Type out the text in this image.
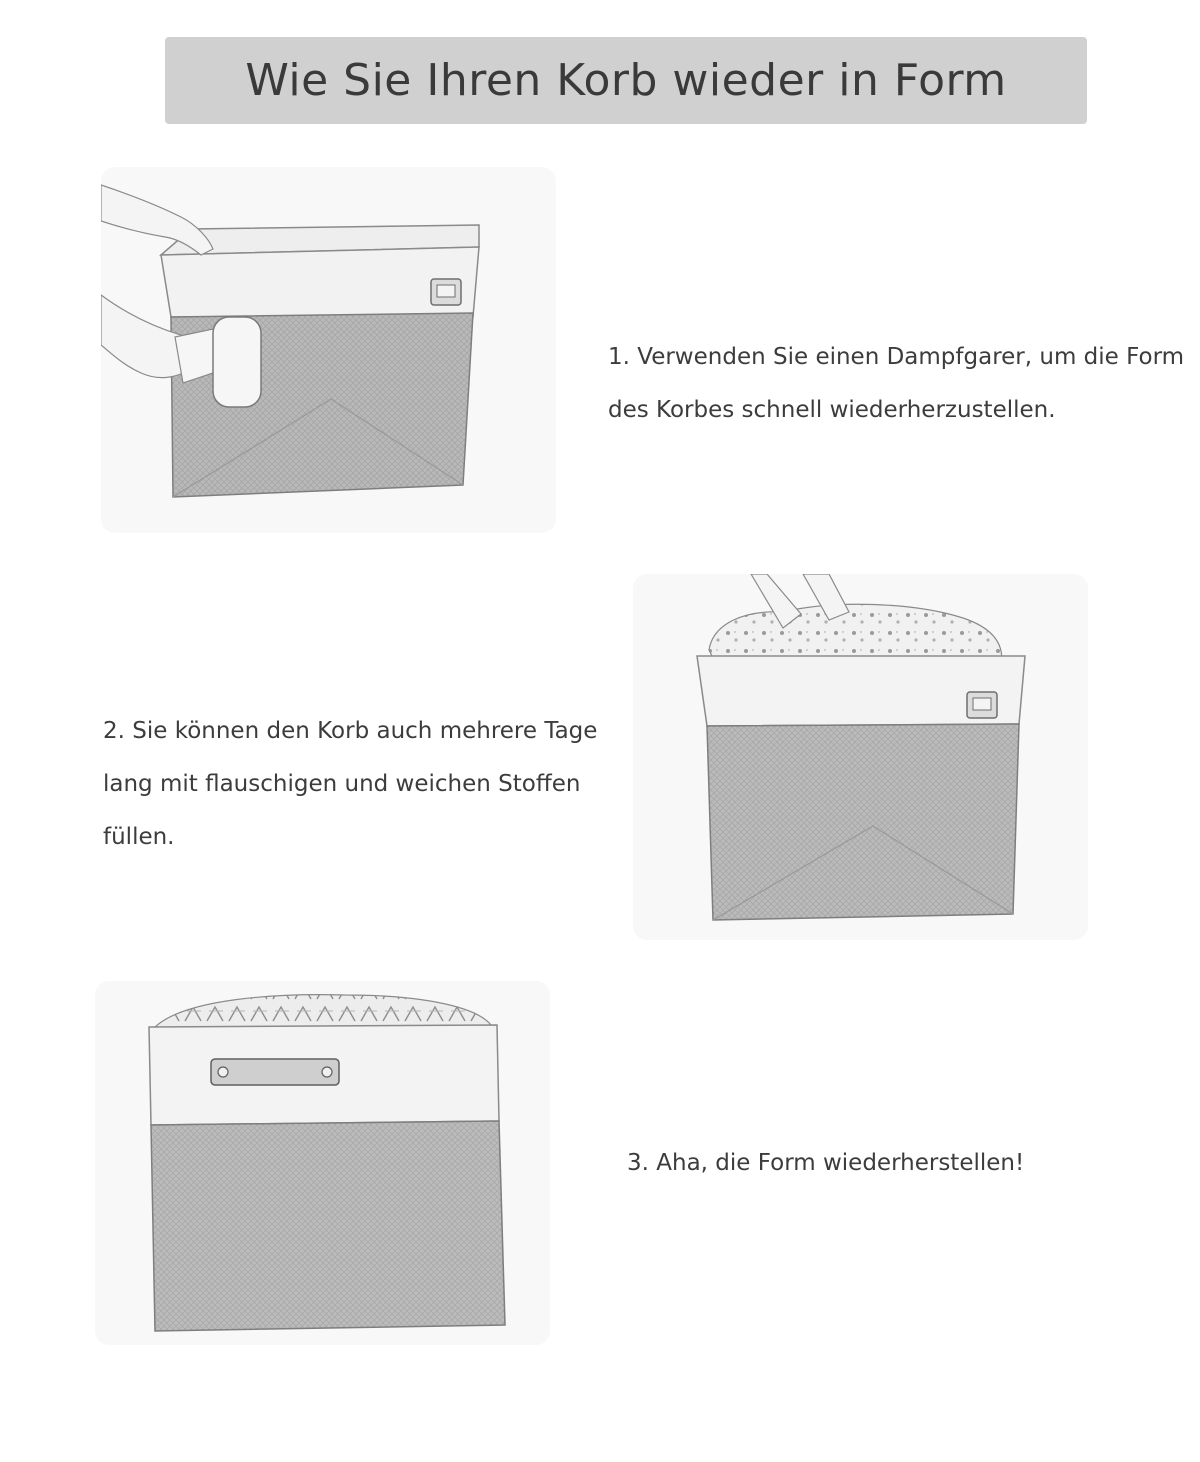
Wie Sie Ihren Korb wieder in Form

1. Verwenden Sie einen Dampfgarer, um die Form des Korbes schnell wiederherzustellen.

2. Sie können den Korb auch mehrere Tage lang mit flauschigen und weichen Stoffen füllen.

3. Aha, die Form wiederherstellen!
